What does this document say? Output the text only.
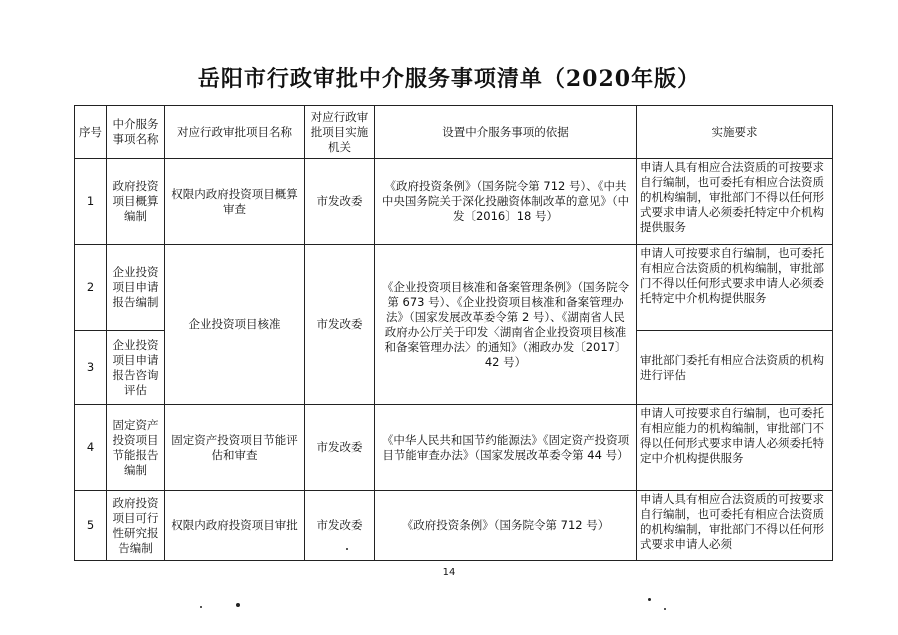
岳阳市行政审批中介服务事项清单（2020年版）
序号	中介服务事项名称	对应行政审批项目名称	对应行政审批项目实施机关	设置中介服务事项的依据	实施要求
1	政府投资项目概算编制	权限内政府投资项目概算审查	市发改委	《政府投资条例》（国务院令第 712 号）、《中共中央国务院关于深化投融资体制改革的意见》（中发〔2016〕18 号）	申请人具有相应合法资质的可按要求自行编制，也可委托有相应合法资质的机构编制，审批部门不得以任何形式要求申请人必须委托特定中介机构提供服务
2	企业投资项目申请报告编制	企业投资项目核准	市发改委	《企业投资项目核准和备案管理条例》（国务院令第 673 号）、《企业投资项目核准和备案管理办法》（国家发展改革委令第 2 号）、《湖南省人民政府办公厅关于印发〈湖南省企业投资项目核准和备案管理办法〉的通知》（湘政办发〔2017〕42 号）	申请人可按要求自行编制，也可委托有相应合法资质的机构编制，审批部门不得以任何形式要求申请人必须委托特定中介机构提供服务
3	企业投资项目申请报告咨询评估				审批部门委托有相应合法资质的机构进行评估
4	固定资产投资项目节能报告编制	固定资产投资项目节能评估和审查	市发改委	《中华人民共和国节约能源法》《固定资产投资项目节能审查办法》（国家发展改革委令第 44 号）	申请人可按要求自行编制，也可委托有相应能力的机构编制，审批部门不得以任何形式要求申请人必须委托特定中介机构提供服务
5	政府投资项目可行性研究报告编制	权限内政府投资项目审批	市发改委	《政府投资条例》（国务院令第 712 号）	申请人具有相应合法资质的可按要求自行编制，也可委托有相应合法资质的机构编制，审批部门不得以任何形式要求申请人必须
14
